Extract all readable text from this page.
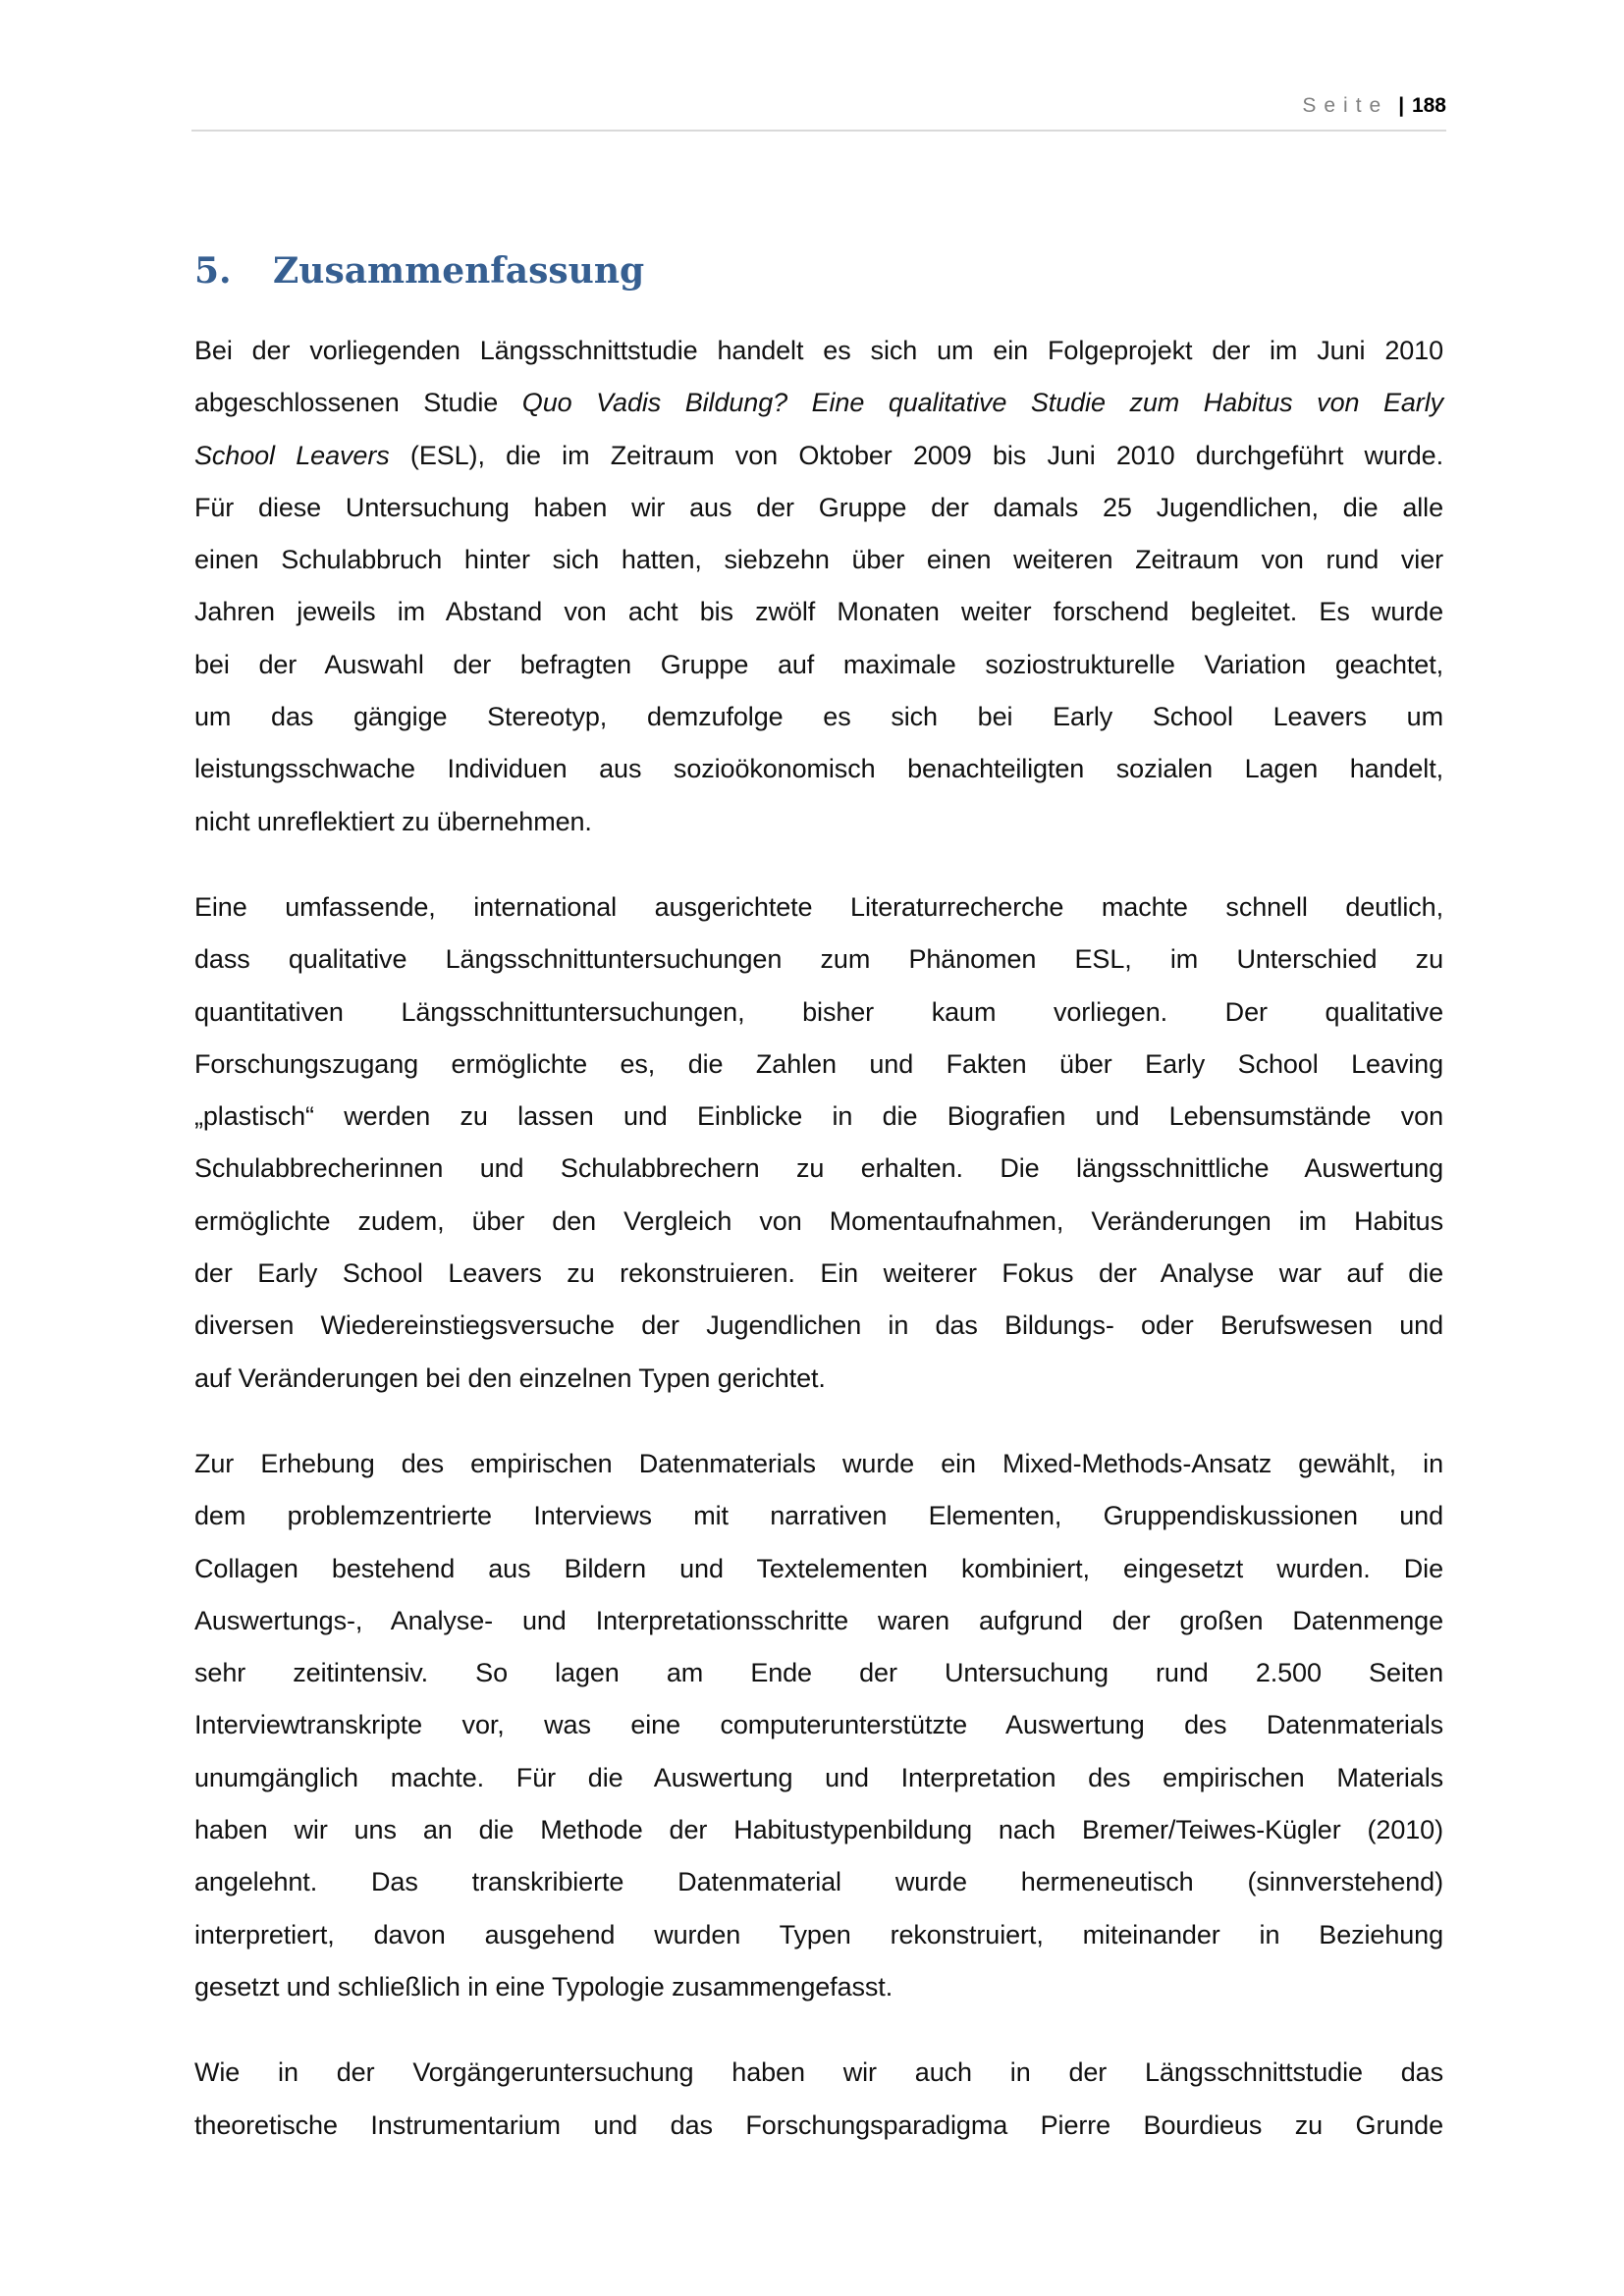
Seite | 188
5. Zusammenfassung
Bei der vorliegenden Längsschnittstudie handelt es sich um ein Folgeprojekt der im Juni 2010
abgeschlossenen Studie Quo Vadis Bildung? Eine qualitative Studie zum Habitus von Early
School Leavers (ESL), die im Zeitraum von Oktober 2009 bis Juni 2010 durchgeführt wurde.
Für diese Untersuchung haben wir aus der Gruppe der damals 25 Jugendlichen, die alle
einen Schulabbruch hinter sich hatten, siebzehn über einen weiteren Zeitraum von rund vier
Jahren jeweils im Abstand von acht bis zwölf Monaten weiter forschend begleitet. Es wurde
bei der Auswahl der befragten Gruppe auf maximale soziostrukturelle Variation geachtet,
um das gängige Stereotyp, demzufolge es sich bei Early School Leavers um
leistungsschwache Individuen aus sozioökonomisch benachteiligten sozialen Lagen handelt,
nicht unreflektiert zu übernehmen.
Eine umfassende, international ausgerichtete Literaturrecherche machte schnell deutlich,
dass qualitative Längsschnittuntersuchungen zum Phänomen ESL, im Unterschied zu
quantitativen Längsschnittuntersuchungen, bisher kaum vorliegen. Der qualitative
Forschungszugang ermöglichte es, die Zahlen und Fakten über Early School Leaving
„plastisch“ werden zu lassen und Einblicke in die Biografien und Lebensumstände von
Schulabbrecherinnen und Schulabbrechern zu erhalten. Die längsschnittliche Auswertung
ermöglichte zudem, über den Vergleich von Momentaufnahmen, Veränderungen im Habitus
der Early School Leavers zu rekonstruieren. Ein weiterer Fokus der Analyse war auf die
diversen Wiedereinstiegsversuche der Jugendlichen in das Bildungs- oder Berufswesen und
auf Veränderungen bei den einzelnen Typen gerichtet.
Zur Erhebung des empirischen Datenmaterials wurde ein Mixed-Methods-Ansatz gewählt, in
dem problemzentrierte Interviews mit narrativen Elementen, Gruppendiskussionen und
Collagen bestehend aus Bildern und Textelementen kombiniert, eingesetzt wurden. Die
Auswertungs-, Analyse- und Interpretationsschritte waren aufgrund der großen Datenmenge
sehr zeitintensiv. So lagen am Ende der Untersuchung rund 2.500 Seiten
Interviewtranskripte vor, was eine computerunterstützte Auswertung des Datenmaterials
unumgänglich machte. Für die Auswertung und Interpretation des empirischen Materials
haben wir uns an die Methode der Habitustypenbildung nach Bremer/Teiwes-Kügler (2010)
angelehnt. Das transkribierte Datenmaterial wurde hermeneutisch (sinnverstehend)
interpretiert, davon ausgehend wurden Typen rekonstruiert, miteinander in Beziehung
gesetzt und schließlich in eine Typologie zusammengefasst.
Wie in der Vorgängeruntersuchung haben wir auch in der Längsschnittstudie das
theoretische Instrumentarium und das Forschungsparadigma Pierre Bourdieus zu Grunde
